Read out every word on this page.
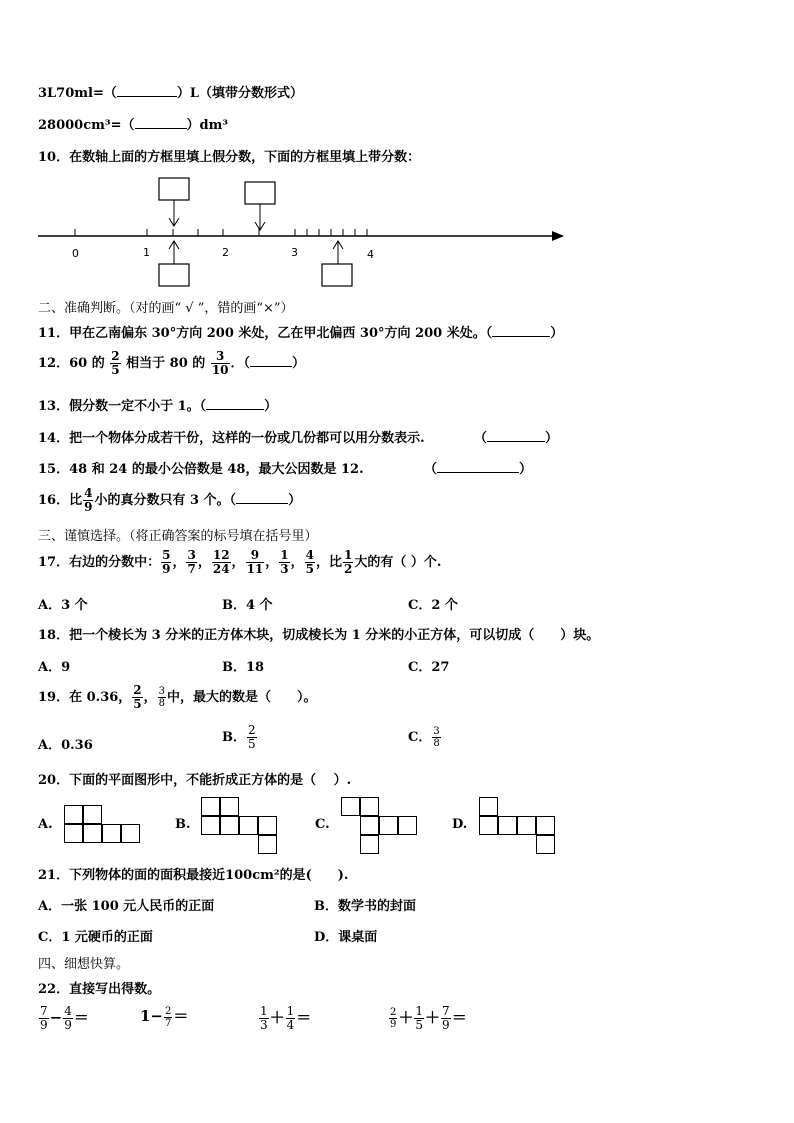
3L70ml=（	）L（填带分数形式）
28000cm³=（	）dm³
10．在数轴上面的方框里填上假分数，下面的方框里填上带分数：
0	1	2	3	4
二、准确判断。（对的画“ √ ”，错的画“×”）
11．甲在乙南偏东 30°方向 200 米处，乙在甲北偏西 30°方向 200 米处。（	）
12．60 的 $\frac{2}{5}$ 相当于 80 的 $\frac{3}{10}$ ．（	）
13．假分数一定不小于 1。（	）
14．把一个物体分成若干份，这样的一份或几份都可以用分数表示.	（	）
15．48 和 24 的最小公倍数是 48，最大公因数是 12.	（	）
16．比 $\frac{4}{9}$ 小的真分数只有 3 个。（	）
三、谨慎选择。（将正确答案的标号填在括号里）
17．右边的分数中： $\frac{5}{9}$ ， $\frac{3}{7}$ ， $\frac{12}{24}$ ， $\frac{9}{11}$ ， $\frac{1}{3}$ ， $\frac{4}{5}$ ，比 $\frac{1}{2}$ 大的有（ ）个.
A．3 个	B．4 个	C．2 个
18．把一个棱长为 3 分米的正方体木块，切成棱长为 1 分米的小正方体，可以切成（　　）块。
A．9	B．18	C．27
19．在 0.36， $\frac{2}{5}$ ， $\frac{3}{8}$ 中，最大的数是（　　）。
A．0.36
B． $\frac{2}{5}$	C． $\frac{3}{8}$
20．下面的平面图形中，不能折成正方体的是（　 ）.
A.	B.	C.	D.
21．下列物体的面的面积最接近100cm²的是(　　).
A．一张 100 元人民币的正面	B．数学书的封面
C．1 元硬币的正面	D．课桌面
四、细想快算。
22．直接写出得数。
$\frac{7}{9} - \frac{4}{9}$ ＝	$1- \frac{2}{7}$ ＝	$\frac{1}{3} + \frac{1}{4}$ ＝	$\frac{2}{9} + \frac{1}{5} + \frac{7}{9}$ ＝
